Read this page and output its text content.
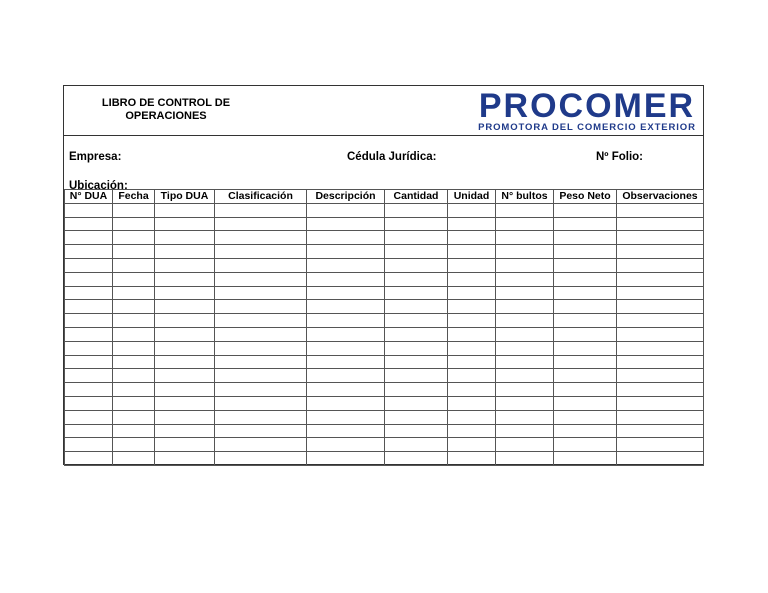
LIBRO DE CONTROL DE
OPERACIONES	PROCOMER
PROMOTORA DEL COMERCIO EXTERIOR
Empresa:	Cédula Jurídica:	Nº Folio:
Ubicación:
N° DUA	Fecha	Tipo DUA	Clasificación	Descripción	Cantidad	Unidad	N° bultos	Peso Neto	Observaciones
